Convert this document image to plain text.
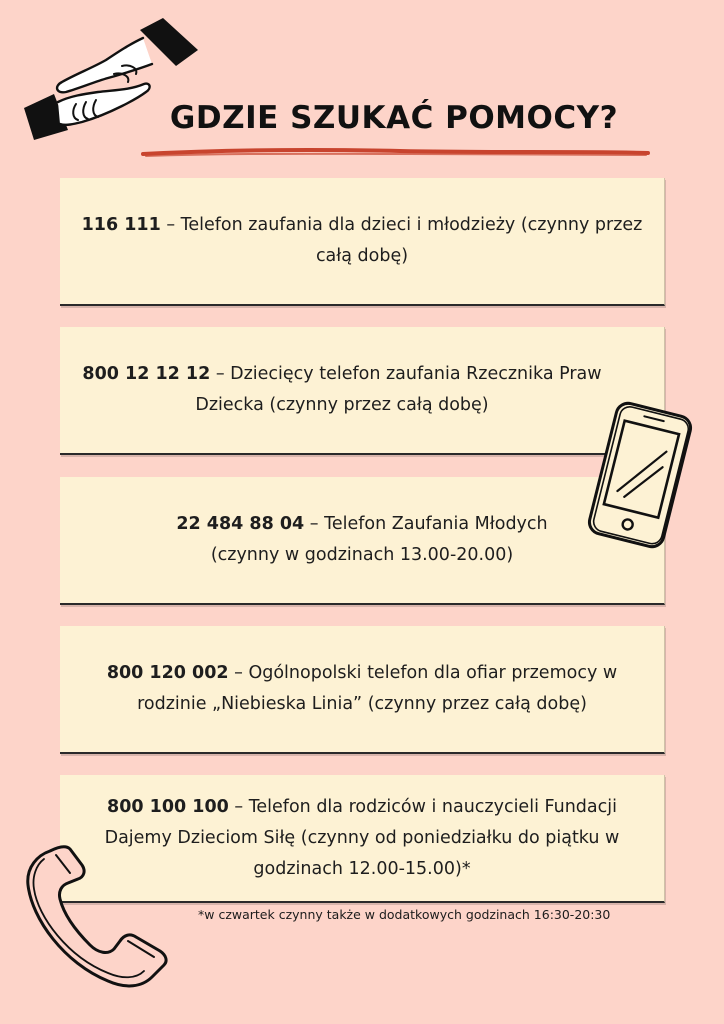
GDZIE SZUKAĆ POMOCY?

116 111 – Telefon zaufania dla dzieci i młodzieży (czynny przez całą dobę)

800 12 12 12 – Dziecięcy telefon zaufania Rzecznika Praw Dziecka (czynny przez całą dobę)

22 484 88 04 – Telefon Zaufania Młodych (czynny w godzinach 13.00-20.00)

800 120 002 – Ogólnopolski telefon dla ofiar przemocy w rodzinie „Niebieska Linia” (czynny przez całą dobę)

800 100 100 – Telefon dla rodziców i nauczycieli Fundacji Dajemy Dzieciom Siłę (czynny od poniedziałku do piątku w godzinach 12.00-15.00)*

*w czwartek czynny także w dodatkowych godzinach 16:30-20:30
